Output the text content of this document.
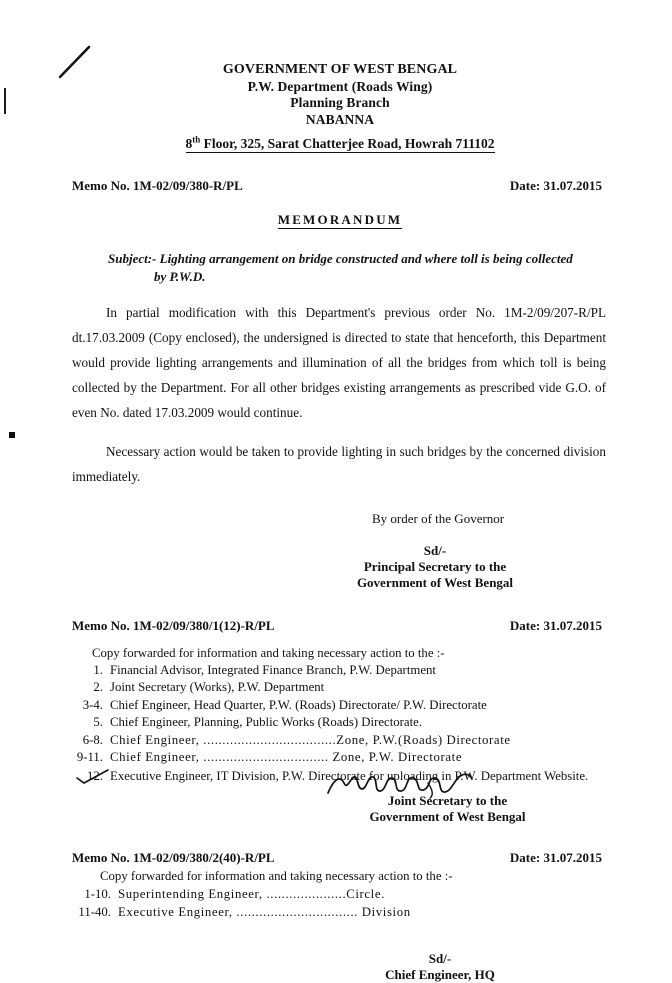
GOVERNMENT OF WEST BENGAL
P.W. Department (Roads Wing)
Planning Branch
NABANNA
8th Floor, 325, Sarat Chatterjee Road, Howrah 711102
Memo No. 1M-02/09/380-R/PL	Date: 31.07.2015
MEMORANDUM
Subject:- Lighting arrangement on bridge constructed and where toll is being collected
by P.W.D.
In partial modification with this Department's previous order No. 1M-2/09/207-R/PL dt.17.03.2009 (Copy enclosed), the undersigned is directed to state that henceforth, this Department would provide lighting arrangements and illumination of all the bridges from which toll is being collected by the Department. For all other bridges existing arrangements as prescribed vide G.O. of even No. dated 17.03.2009 would continue.
Necessary action would be taken to provide lighting in such bridges by the concerned division immediately.
By order of the Governor
Sd/-
Principal Secretary to the
Government of West Bengal
Memo No. 1M-02/09/380/1(12)-R/PL	Date: 31.07.2015
Copy forwarded for information and taking necessary action to the :-
1. Financial Advisor, Integrated Finance Branch, P.W. Department
2. Joint Secretary (Works), P.W. Department
3-4. Chief Engineer, Head Quarter, P.W. (Roads) Directorate/ P.W. Directorate
5. Chief Engineer, Planning, Public Works (Roads) Directorate.
6-8. Chief Engineer, ...................................Zone, P.W.(Roads) Directorate
9-11. Chief Engineer, ................................. Zone, P.W. Directorate
12. Executive Engineer, IT Division, P.W. Directorate for uploading in P.W. Department Website.
Joint Secretary to the
Government of West Bengal
Memo No. 1M-02/09/380/2(40)-R/PL	Date: 31.07.2015
Copy forwarded for information and taking necessary action to the :-
1-10. Superintending Engineer, .....................Circle.
11-40. Executive Engineer, ................................ Division
Sd/-
Chief Engineer, HQ
